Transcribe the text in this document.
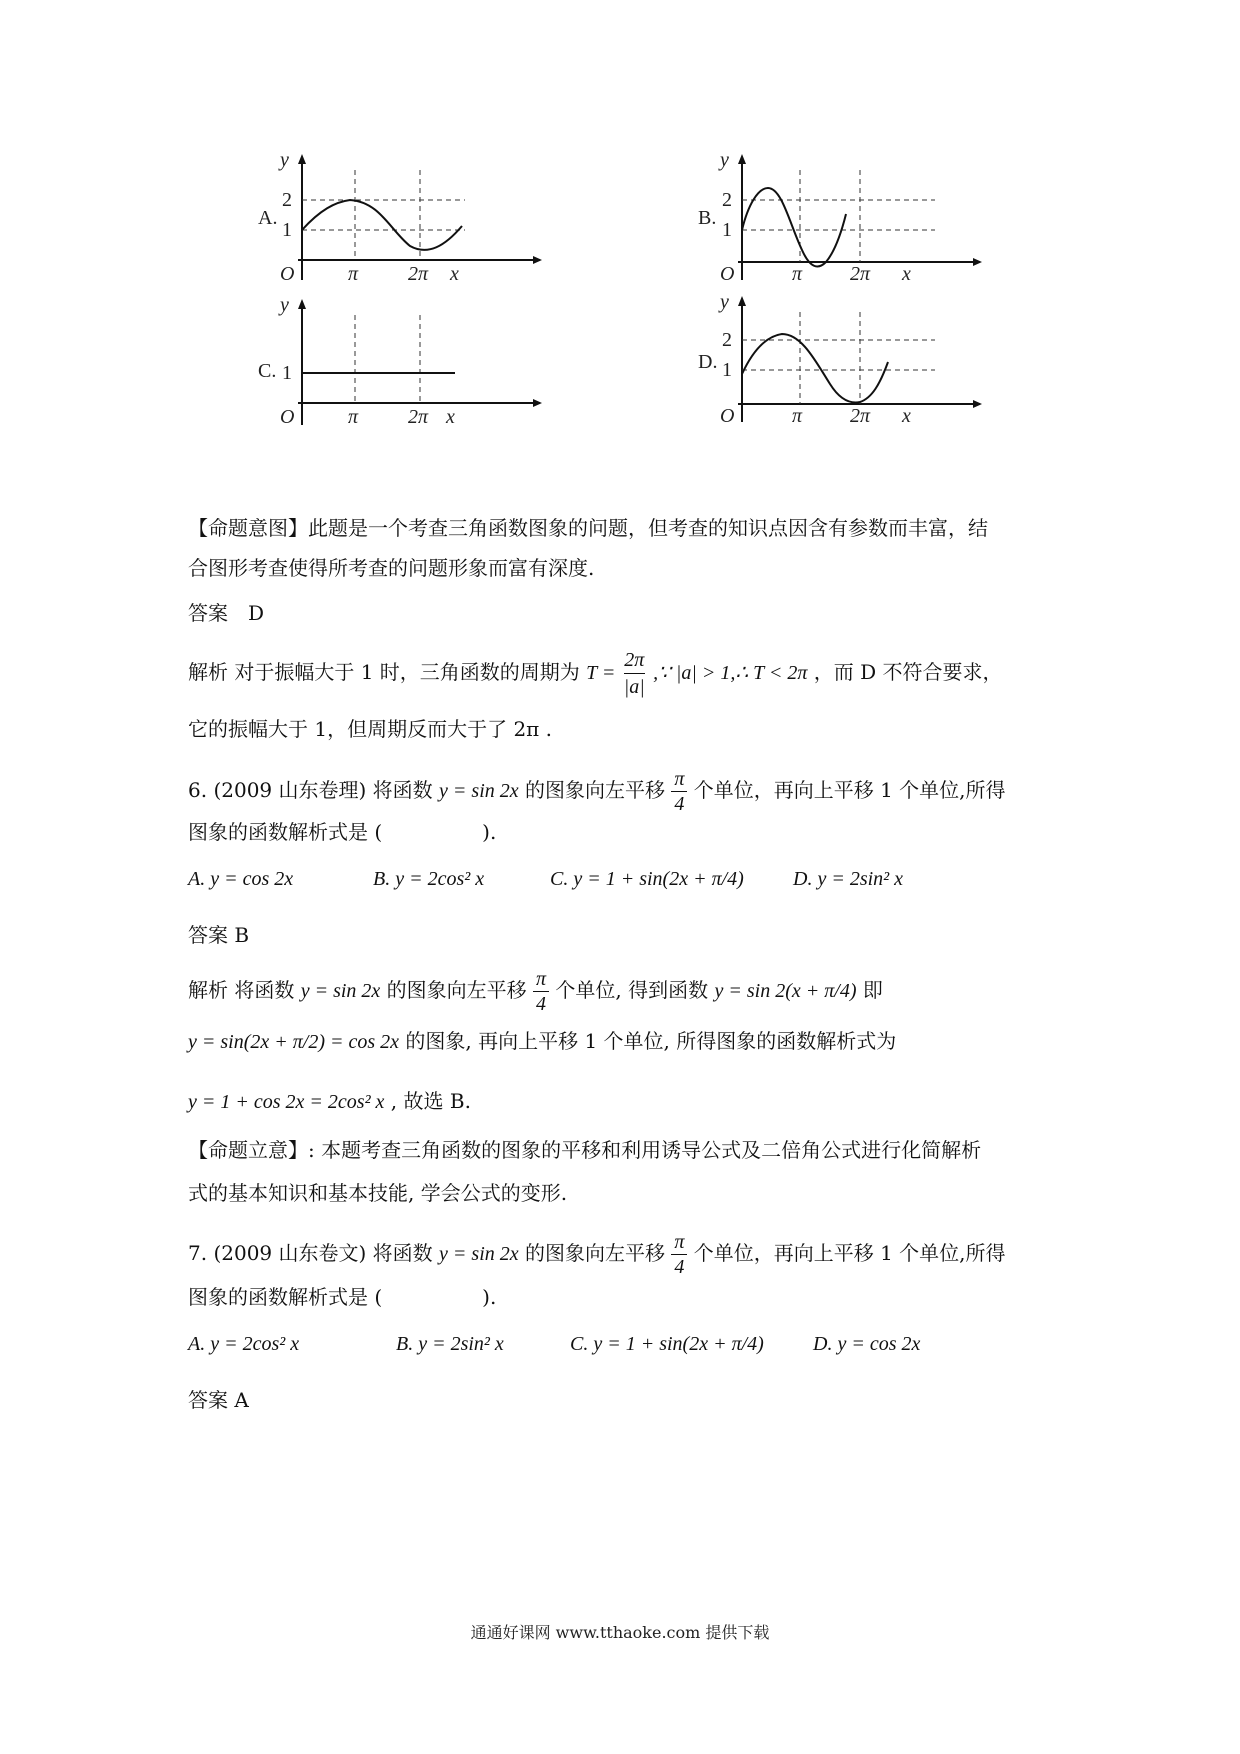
A.
y
2
1
O	π 2π x
B.
y
2
1
O	π 2π x
C.
y
1
O	π 2π x
D.
y
2
1
O	π 2π x
【命题意图】此题是一个考查三角函数图象的问题，但考查的知识点因含有参数而丰富，结
合图形考查使得所考查的问题形象而富有深度.
答案　D
解析 对于振幅大于 1 时，三角函数的周期为 $T = \frac{2\pi}{|a|}$ ,∵ |a| > 1,∴ T < 2π ，而 D 不符合要求，
它的振幅大于 1，但周期反而大于了 2π .
6. (2009 山东卷理) 将函数 y = sin 2x 的图象向左平移 $\frac{\pi}{4}$ 个单位，再向上平移 1 个单位,所得
图象的函数解析式是 (　　　　　).
A. y = cos 2x	B. y = 2cos² x	C. y = 1 + sin(2x + π/4) D. y = 2sin² x
答案 B
解析 将函数 y = sin 2x 的图象向左平移 $\frac{\pi}{4}$ 个单位, 得到函数 y = sin 2(x + π/4) 即
y = sin(2x + π/2) = cos 2x 的图象, 再向上平移 1 个单位, 所得图象的函数解析式为
y = 1 + cos 2x = 2cos² x , 故选 B.
【命题立意】: 本题考查三角函数的图象的平移和利用诱导公式及二倍角公式进行化简解析
式的基本知识和基本技能, 学会公式的变形.
7. (2009 山东卷文) 将函数 y = sin 2x 的图象向左平移 $\frac{\pi}{4}$ 个单位，再向上平移 1 个单位,所得
图象的函数解析式是 (　　　　　).
A. y = 2cos² x	B. y = 2sin² x	C. y = 1 + sin(2x + π/4) D. y = cos 2x
答案 A
通通好课网 www.tthaoke.com 提供下载
